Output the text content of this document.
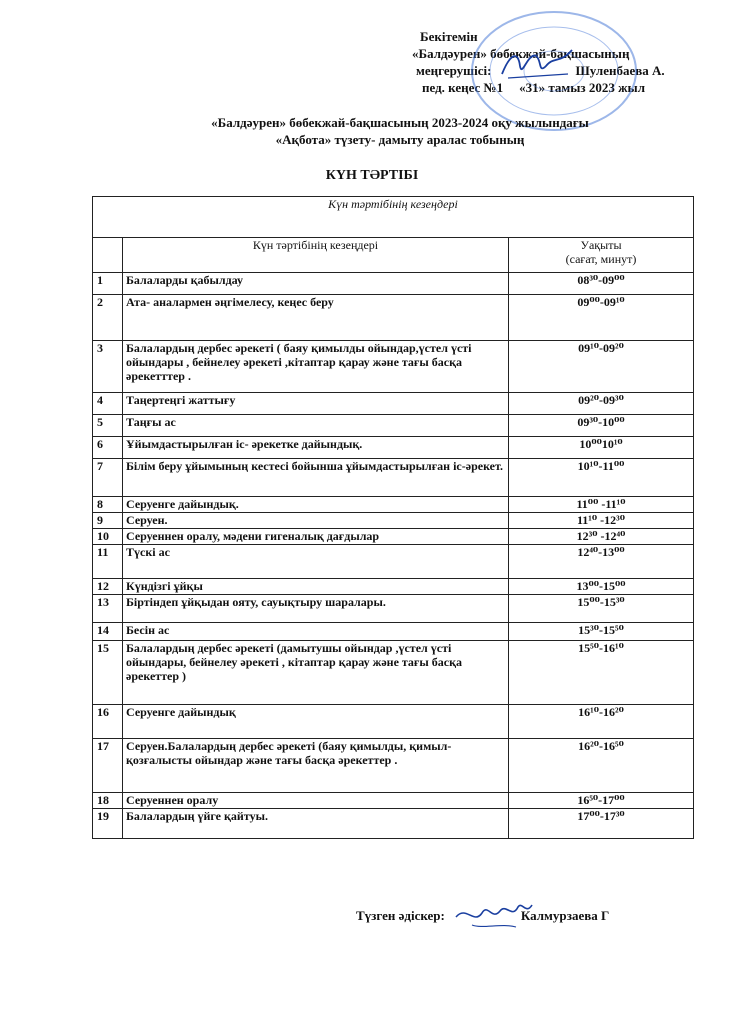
Бекітемін
«Балдәурен» бөбекжай-бақшасының
меңгерушісі:	Шуленбаева А.
пед. кеңес №1 «31» тамыз 2023 жыл
«Балдәурен» бөбекжай-бақшасының 2023-2024 оқу жылындағы
«Ақбота» түзету- дамыту аралас тобының
КҮН ТӘРТІБІ
Күн тәртібінің кезеңдері		
	Күн тәртібінің кезеңдері	Уақыты
(сағат, минут)

1	Балаларды қабылдау	08³⁰-09⁰⁰
2	Ата- аналармен әңгімелесу, кеңес беру	09⁰⁰-09¹⁰
3	Балалардың дербес әрекеті ( баяу қимылды ойындар,үстел үсті ойындары , бейнелеу әрекеті ,кітаптар қарау және тағы басқа әрекетттер .	09¹⁰-09²⁰
4	Таңертеңгі жаттығу	09²⁰-09³⁰
5	Таңғы ас	09³⁰-10⁰⁰
6	Ұйымдастырылған іс- әрекетке дайындық.	10⁰⁰10¹⁰
7	Білім беру ұйымының кестесі бойынша ұйымдастырылған іс-әрекет.	10¹⁰-11⁰⁰
8	Серуенге дайындық.	11⁰⁰ -11¹⁰
9	Серуен.	11¹⁰ -12³⁰
10	Серуеннен оралу, мәдени гигеналық дағдылар	12³⁰ -12⁴⁰
11	Түскі ас	12⁴⁰-13⁰⁰
12	Күндізгі ұйқы	13⁰⁰-15⁰⁰
13	Біртіндеп ұйқыдан ояту, сауықтыру шаралары.	15⁰⁰-15³⁰
14	Бесін ас	15³⁰-15⁵⁰
15	Балалардың дербес әрекеті (дамытушы ойындар ,үстел үсті ойындары, бейнелеу әрекеті , кітаптар қарау және тағы басқа әрекеттер )	15⁵⁰-16¹⁰
16	Серуенге дайындық	16¹⁰-16²⁰
17	Серуен.Балалардың дербес әрекеті (баяу қимылды, қимыл-қозғалысты ойындар және тағы басқа әрекеттер .	16²⁰-16⁵⁰
18	Серуеннен оралу	16⁵⁰-17⁰⁰
19	Балалардың үйге қайтуы.	17⁰⁰-17³⁰
Түзген әдіскер:	Калмурзаева Г
